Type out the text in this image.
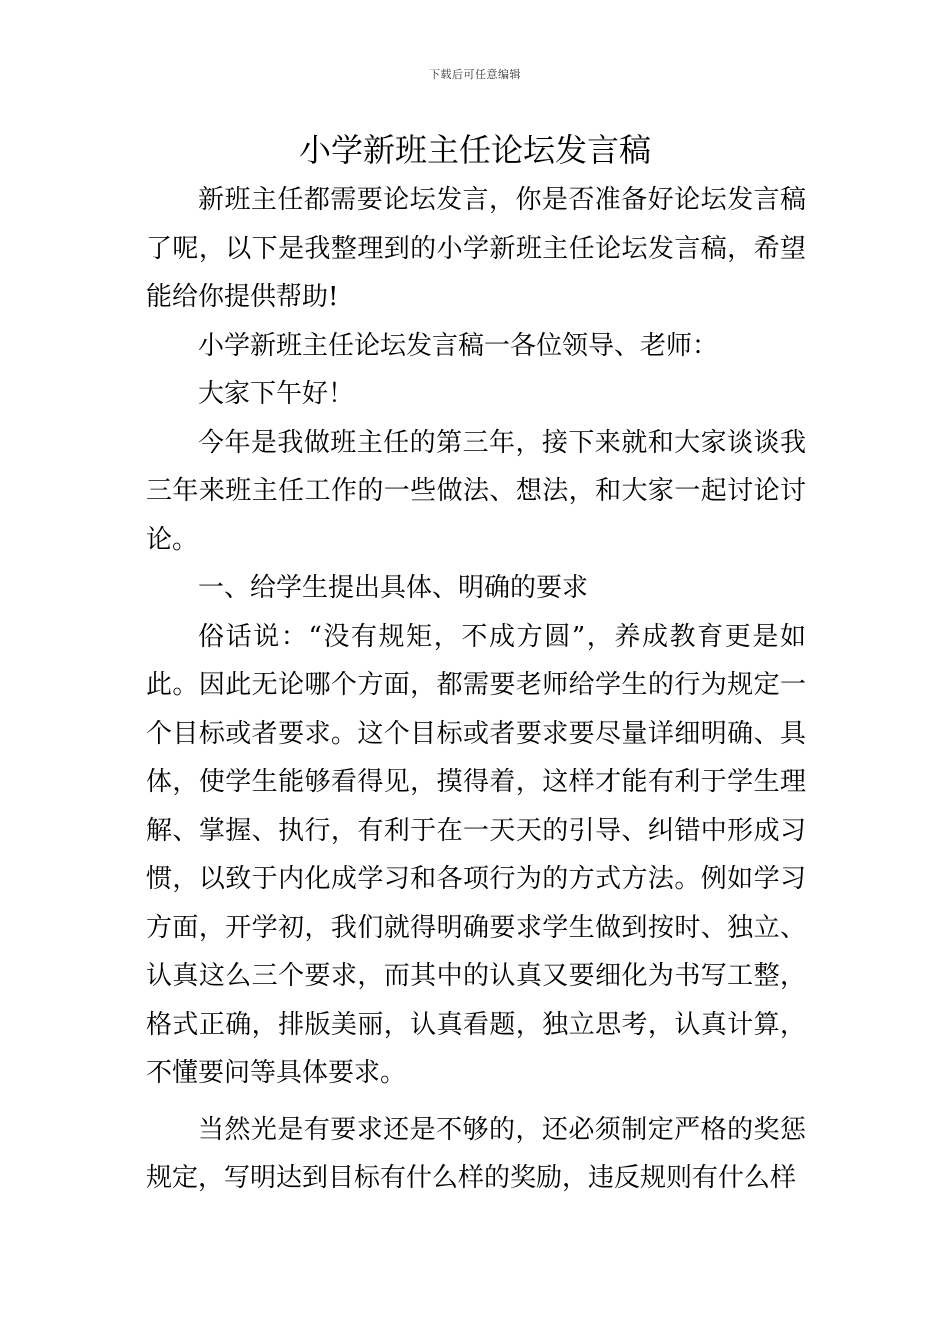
下载后可任意编辑
小学新班主任论坛发言稿

新班主任都需要论坛发言，你是否准备好论坛发言稿了呢，以下是我整理到的小学新班主任论坛发言稿，希望能给你提供帮助!

小学新班主任论坛发言稿一各位领导、老师：

大家下午好！

今年是我做班主任的第三年，接下来就和大家谈谈我三年来班主任工作的一些做法、想法，和大家一起讨论讨论。

一、给学生提出具体、明确的要求

俗话说：“没有规矩，不成方圆”，养成教育更是如此。因此无论哪个方面，都需要老师给学生的行为规定一个目标或者要求。这个目标或者要求要尽量详细明确、具体，使学生能够看得见，摸得着，这样才能有利于学生理解、掌握、执行，有利于在一天天的引导、纠错中形成习惯，以致于内化成学习和各项行为的方式方法。例如学习方面，开学初，我们就得明确要求学生做到按时、独立、认真这么三个要求，而其中的认真又要细化为书写工整，格式正确，排版美丽，认真看题，独立思考，认真计算，不懂要问等具体要求。

当然光是有要求还是不够的，还必须制定严格的奖惩规定，写明达到目标有什么样的奖励，违反规则有什么样
